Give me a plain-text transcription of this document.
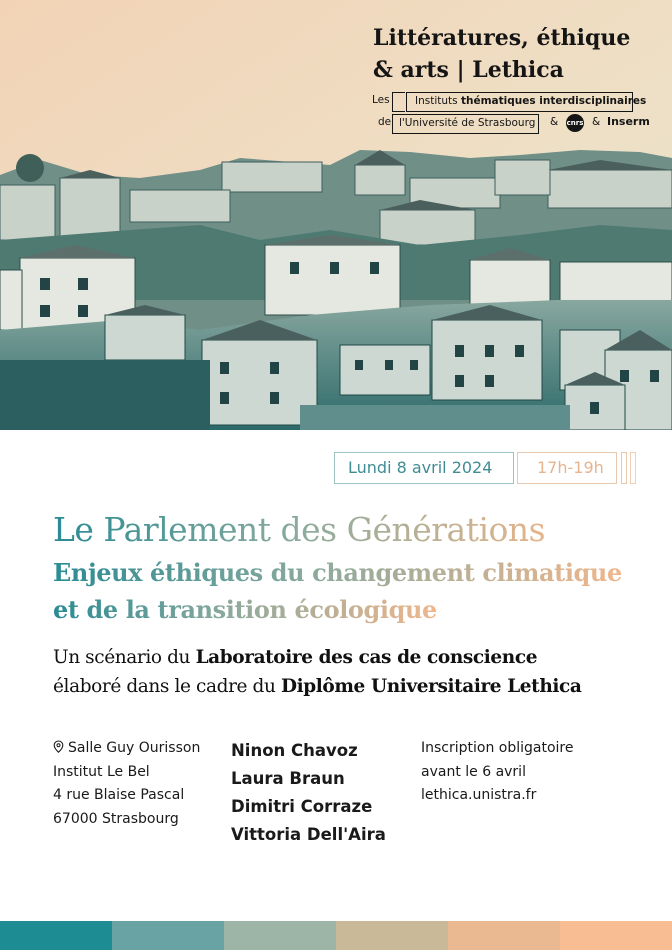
Littératures, éthique
& arts | Lethica
Les Instituts thématiques interdisciplinaires
de l'Université de Strasbourg & cnrs & Inserm
Lundi 8 avril 2024	17h-19h
Le Parlement des Générations
Enjeux éthiques du changement climatique
et de la transition écologique
Un scénario du Laboratoire des cas de conscience
élaboré dans le cadre du Diplôme Universitaire Lethica
Salle Guy Ourisson
Institut Le Bel
4 rue Blaise Pascal
67000 Strasbourg
Ninon Chavoz
Laura Braun
Dimitri Corraze
Vittoria Dell'Aira
Inscription obligatoire
avant le 6 avril
lethica.unistra.fr
